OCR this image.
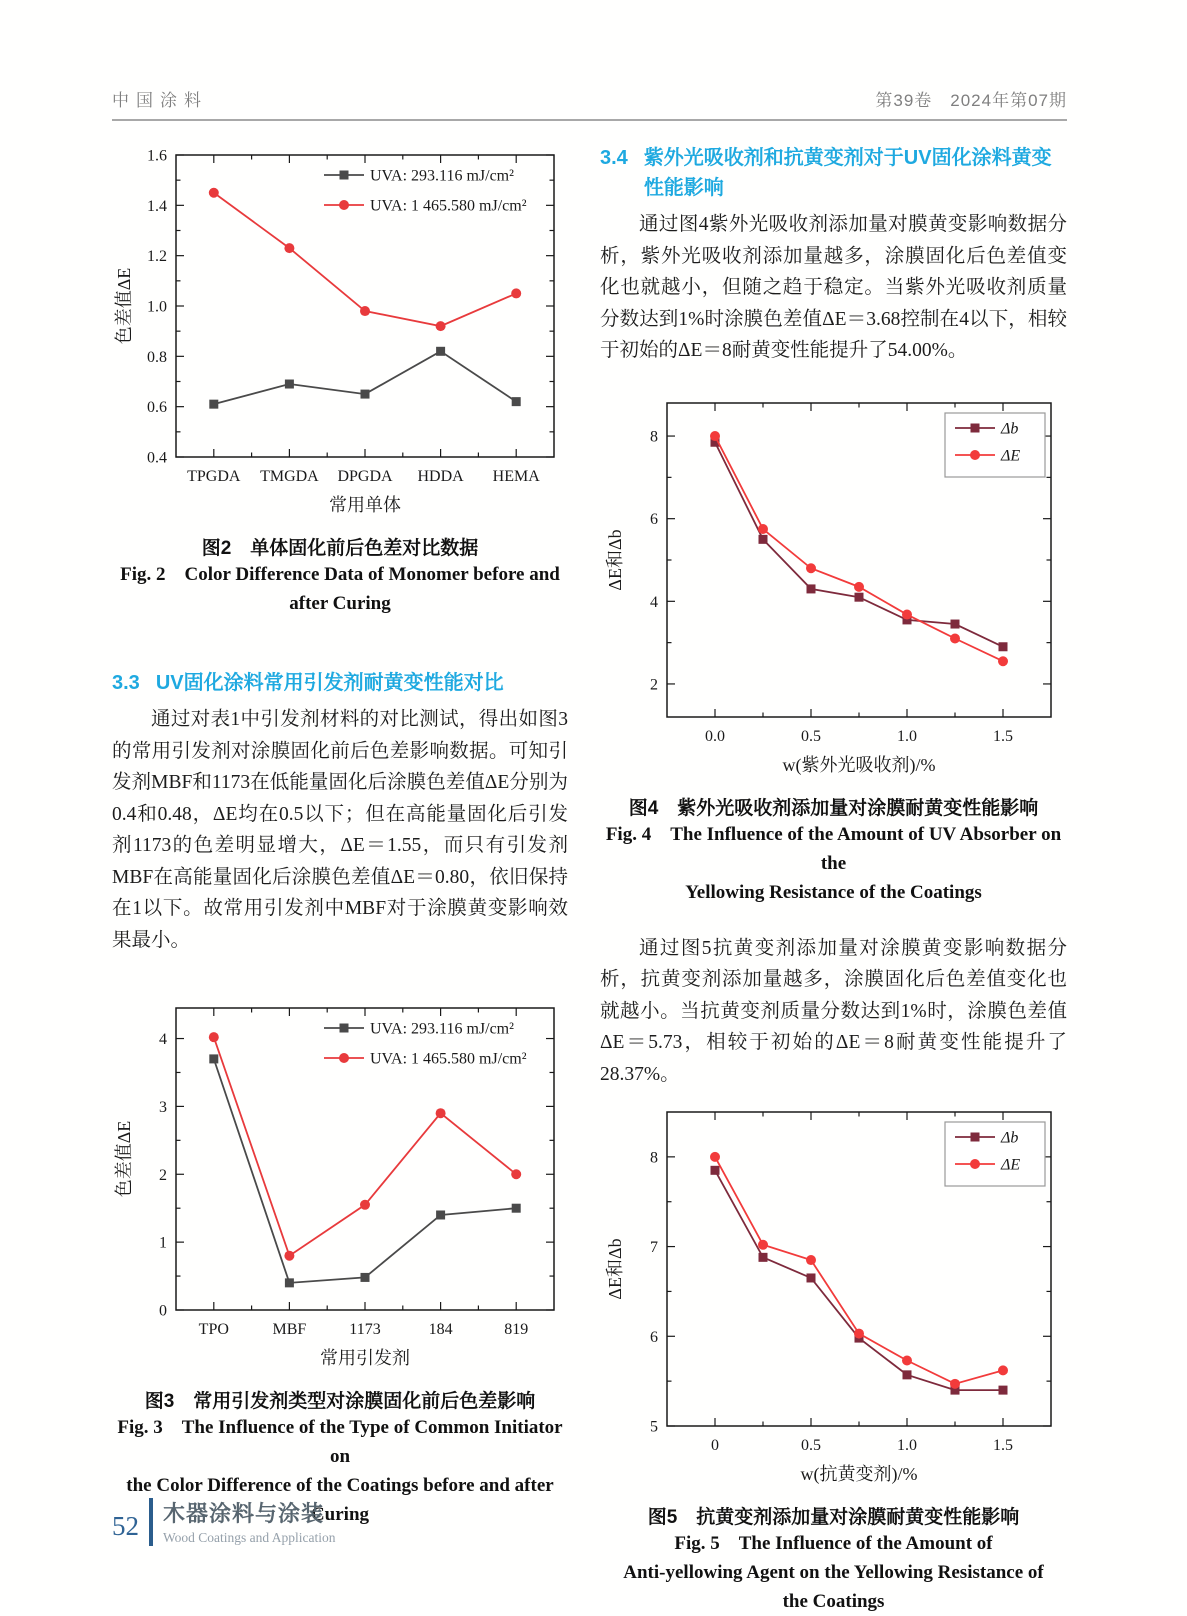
中国涂料	第39卷　2024年第07期
0.4
0.6
0.8
1.0
1.2
1.4
1.6
TPGDA TMGDA DPGDA HDDA HEMA
常用单体
色差值ΔE
UVA: 293.116 mJ/cm²
UVA: 1 465.580 mJ/cm²
图2　单体固化前后色差对比数据
Fig. 2　Color Difference Data of Monomer before and
after Curing
3.3 UV固化涂料常用引发剂耐黄变性能对比

通过对表1中引发剂材料的对比测试，得出如图3的常用引发剂对涂膜固化前后色差影响数据。可知引发剂MBF和1173在低能量固化后涂膜色差值ΔE分别为0.4和0.48，ΔE均在0.5以下；但在高能量固化后引发剂1173的色差明显增大，ΔE＝1.55，而只有引发剂MBF在高能量固化后涂膜色差值ΔE＝0.80，依旧保持在1以下。故常用引发剂中MBF对于涂膜黄变影响效果最小。

0
1
2
3
4
TPO	MBF	1173	184	819
常用引发剂
色差值ΔE
UVA: 293.116 mJ/cm²
UVA: 1 465.580 mJ/cm²
图3　常用引发剂类型对涂膜固化前后色差影响
Fig. 3　The Influence of the Type of Common Initiator on
the Color Difference of the Coatings before and after Curing
3.4 紫外光吸收剂和抗黄变剂对于UV固化涂料黄变性能影响

通过图4紫外光吸收剂添加量对膜黄变影响数据分析，紫外光吸收剂添加量越多，涂膜固化后色差值变化也就越小，但随之趋于稳定。当紫外光吸收剂质量分数达到1%时涂膜色差值ΔE＝3.68控制在4以下，相较于初始的ΔE＝8耐黄变性能提升了54.00%。

2
4
6
8
0.0	0.5	1.0	1.5
w(紫外光吸收剂)/%
ΔE和Δb
Δb
ΔE
图4　紫外光吸收剂添加量对涂膜耐黄变性能影响
Fig. 4　The Influence of the Amount of UV Absorber on the
Yellowing Resistance of the Coatings

通过图5抗黄变剂添加量对涂膜黄变影响数据分析，抗黄变剂添加量越多，涂膜固化后色差值变化也就越小。当抗黄变剂质量分数达到1%时，涂膜色差值ΔE＝5.73，相较于初始的ΔE＝8耐黄变性能提升了28.37%。

5
6
7
8
0	0.5	1.0	1.5
w(抗黄变剂)/%
ΔE和Δb
Δb
ΔE
图5　抗黄变剂添加量对涂膜耐黄变性能影响
Fig. 5　The Influence of the Amount of
Anti-yellowing Agent on the Yellowing Resistance of
the Coatings
52 木器涂料与涂装
Wood Coatings and Application
